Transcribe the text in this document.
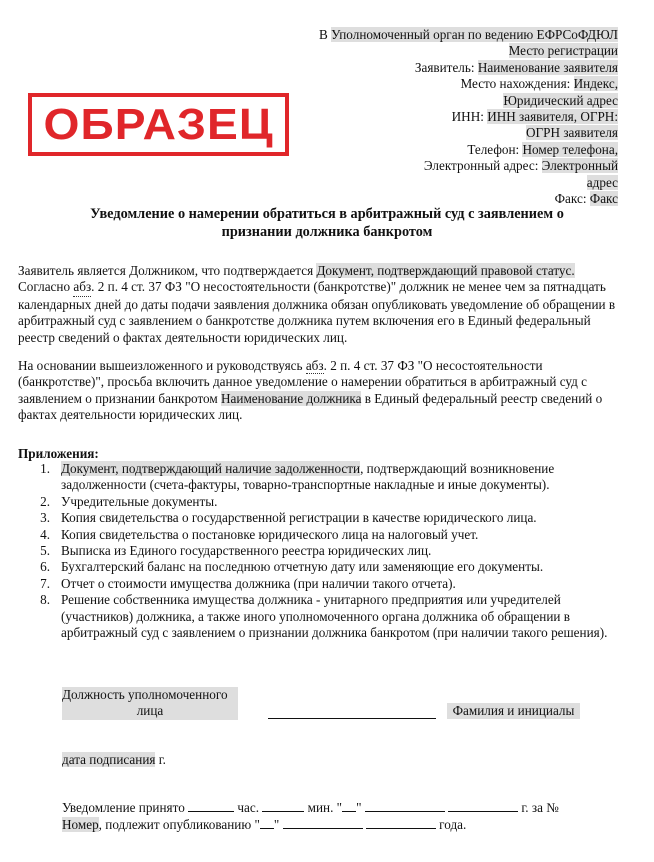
В Уполномоченный орган по ведению ЕФРСоФДЮЛ
Место регистрации
Заявитель: Наименование заявителя
Место нахождения: Индекс,
Юридический адрес
ИНН: ИНН заявителя, ОГРН:
ОГРН заявителя
Телефон: Номер телефона,
Электронный адрес: Электронный
адрес
Факс: Факс
ОБРАЗЕЦ
Уведомление о намерении обратиться в арбитражный суд с заявлением о
признании должника банкротом
Заявитель является Должником, что подтверждается Документ, подтверждающий правовой статус.
Согласно абз. 2 п. 4 ст. 37 ФЗ "О несостоятельности (банкротстве)" должник не менее чем за пятнадцать календарных дней до даты подачи заявления должника обязан опубликовать уведомление об обращении в арбитражный суд с заявлением о банкротстве должника путем включения его в Единый федеральный реестр сведений о фактах деятельности юридических лиц.
На основании вышеизложенного и руководствуясь абз. 2 п. 4 ст. 37 ФЗ "О несостоятельности (банкротстве)", просьба включить данное уведомление о намерении обратиться в арбитражный суд с заявлением о признании банкротом Наименование должника в Единый федеральный реестр сведений о фактах деятельности юридических лиц.
Приложения:
1. Документ, подтверждающий наличие задолженности, подтверждающий возникновение задолженности (счета-фактуры, товарно-транспортные накладные и иные документы).
2. Учредительные документы.
3. Копия свидетельства о государственной регистрации в качестве юридического лица.
4. Копия свидетельства о постановке юридического лица на налоговый учет.
5. Выписка из Единого государственного реестра юридических лиц.
6. Бухгалтерский баланс на последнюю отчетную дату или заменяющие его документы.
7. Отчет о стоимости имущества должника (при наличии такого отчета).
8. Решение собственника имущества должника - унитарного предприятия или учредителей (участников) должника, а также иного уполномоченного органа должника об обращении в арбитражный суд с заявлением о признании должника банкротом (при наличии такого решения).
Должность уполномоченного
лица	Фамилия и инициалы
дата подписания г.
Уведомление принято	час.	мин. " "	г. за №
Номер, подлежит опубликованию " "	года.
